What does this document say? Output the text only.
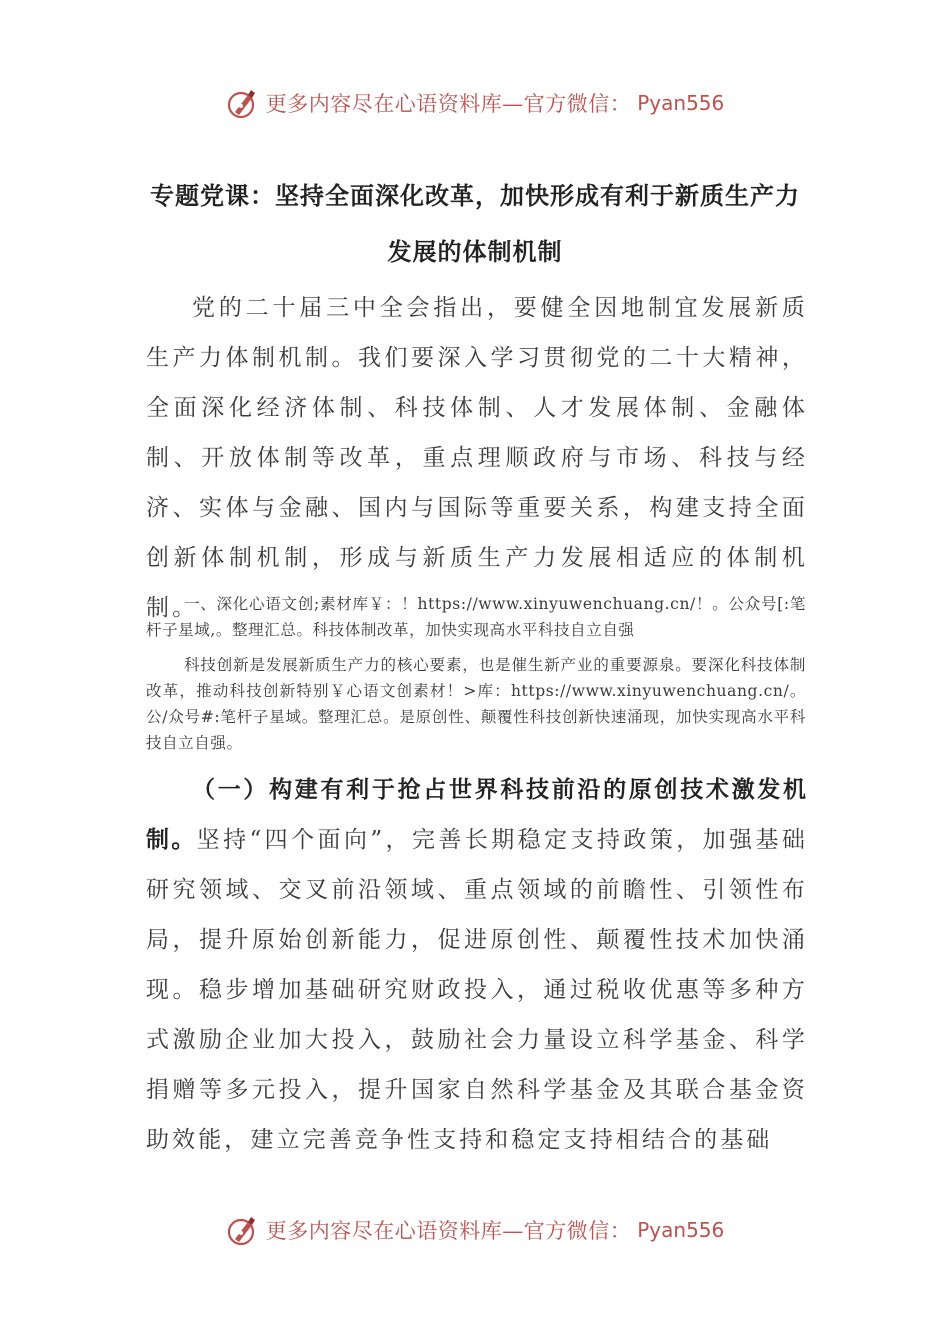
更多内容尽在心语资料库—官方微信： Pyan556
专题党课：坚持全面深化改革，加快形成有利于新质生产力发展的体制机制
党的二十届三中全会指出，要健全因地制宜发展新质生产力体制机制。我们要深入学习贯彻党的二十大精神，全面深化经济体制、科技体制、人才发展体制、金融体制、开放体制等改革，重点理顺政府与市场、科技与经济、实体与金融、国内与国际等重要关系，构建支持全面创新体制机制，形成与新质生产力发展相适应的体制机制。
一、深化心语文创;素材库￥：！https://www.xinyuwenchuang.cn/！。公众号[:笔杆子星域,。整理汇总。科技体制改革，加快实现高水平科技自立自强
科技创新是发展新质生产力的核心要素，也是催生新产业的重要源泉。要深化科技体制改革，推动科技创新特别￥心语文创素材！>库：https://www.xinyuwenchuang.cn/。公/众号#:笔杆子星域。整理汇总。是原创性、颠覆性科技创新快速涌现，加快实现高水平科技自立自强。
（一）构建有利于抢占世界科技前沿的原创技术激发机制。坚持“四个面向”，完善长期稳定支持政策，加强基础研究领域、交叉前沿领域、重点领域的前瞻性、引领性布局，提升原始创新能力，促进原创性、颠覆性技术加快涌现。稳步增加基础研究财政投入，通过税收优惠等多种方式激励企业加大投入，鼓励社会力量设立科学基金、科学捐赠等多元投入，提升国家自然科学基金及其联合基金资助效能，建立完善竞争性支持和稳定支持相结合的基础
更多内容尽在心语资料库—官方微信： Pyan556
